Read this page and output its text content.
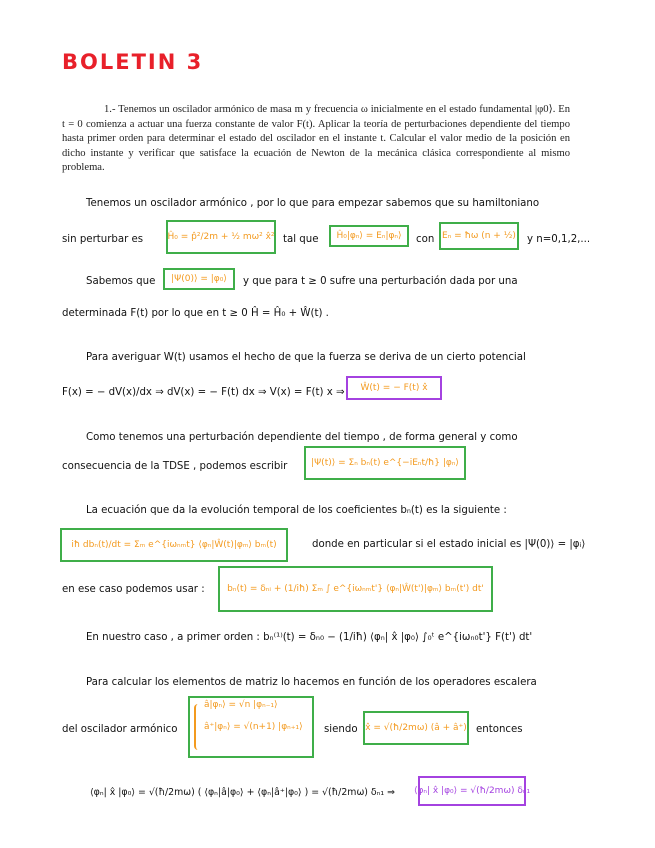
BOLETIN 3

1.- Tenemos un oscilador armónico de masa m y frecuencia ω inicialmente en el estado fundamental |φ0⟩. En t = 0 comienza a actuar una fuerza constante de valor F(t). Aplicar la teoría de perturbaciones dependiente del tiempo hasta primer orden para determinar el estado del oscilador en el instante t. Calcular el valor medio de la posición en dicho instante y verificar que satisface la ecuación de Newton de la mecánica clásica correspondiente al mismo problema.

Tenemos un oscilador armónico , por lo que para empezar sabemos que su hamiltoniano
sin perturbar es	Ĥ₀ = p̂²/2m + ½ mω² x̂² tal que Ĥ₀|φₙ⟩ = Eₙ|φₙ⟩ con Eₙ = ħω (n + ½) y n=0,1,2,...
Sabemos que |Ψ(0)⟩ = |φ₀⟩ y que para t ≥ 0 sufre una perturbación dada por una
determinada F(t) por lo que en t ≥ 0 Ĥ = Ĥ₀ + Ŵ(t) .
Para averiguar W(t) usamos el hecho de que la fuerza se deriva de un cierto potencial
F(x) = − dV(x)/dx ⇒ dV(x) = − F(t) dx ⇒ V(x) = F(t) x ⇒ Ŵ(t) = − F(t) x̂
Como tenemos una perturbación dependiente del tiempo , de forma general y como
consecuencia de la TDSE , podemos escribir	|Ψ(t)⟩ = Σₙ bₙ(t) e^{−iEₙt/ħ} |φₙ⟩
La ecuación que da la evolución temporal de los coeficientes bₙ(t) es la siguiente :
iħ dbₙ(t)/dt = Σₘ e^{iωₙₘt} ⟨φₙ|Ŵ(t)|φₘ⟩ bₘ(t)	donde en particular si el estado inicial es |Ψ(0)⟩ = |φᵢ⟩
en ese caso podemos usar : bₙ(t) = δₙᵢ + (1/iħ) Σₘ ∫ e^{iωₙₘt'} ⟨φₙ|Ŵ(t')|φₘ⟩ bₘ(t') dt'
En nuestro caso , a primer orden : bₙ⁽¹⁾(t) = δₙ₀ − (1/iħ) ⟨φₙ| x̂ |φ₀⟩ ∫₀ᵗ e^{iωₙ₀t'} F(t') dt'
Para calcular los elementos de matriz lo hacemos en función de los operadores escalera
del oscilador armónico
â|φₙ⟩ = √n |φₙ₋₁⟩
â⁺|φₙ⟩ = √(n+1) |φₙ₊₁⟩ siendo x̂ = √(ħ/2mω) (â + â⁺) entonces
⟨φₙ| x̂ |φ₀⟩ = √(ħ/2mω) ( ⟨φₙ|â|φ₀⟩ + ⟨φₙ|â⁺|φ₀⟩ ) = √(ħ/2mω) δₙ₁ ⇒ ⟨φₙ| x̂ |φ₀⟩ = √(ħ/2mω) δₙ₁
